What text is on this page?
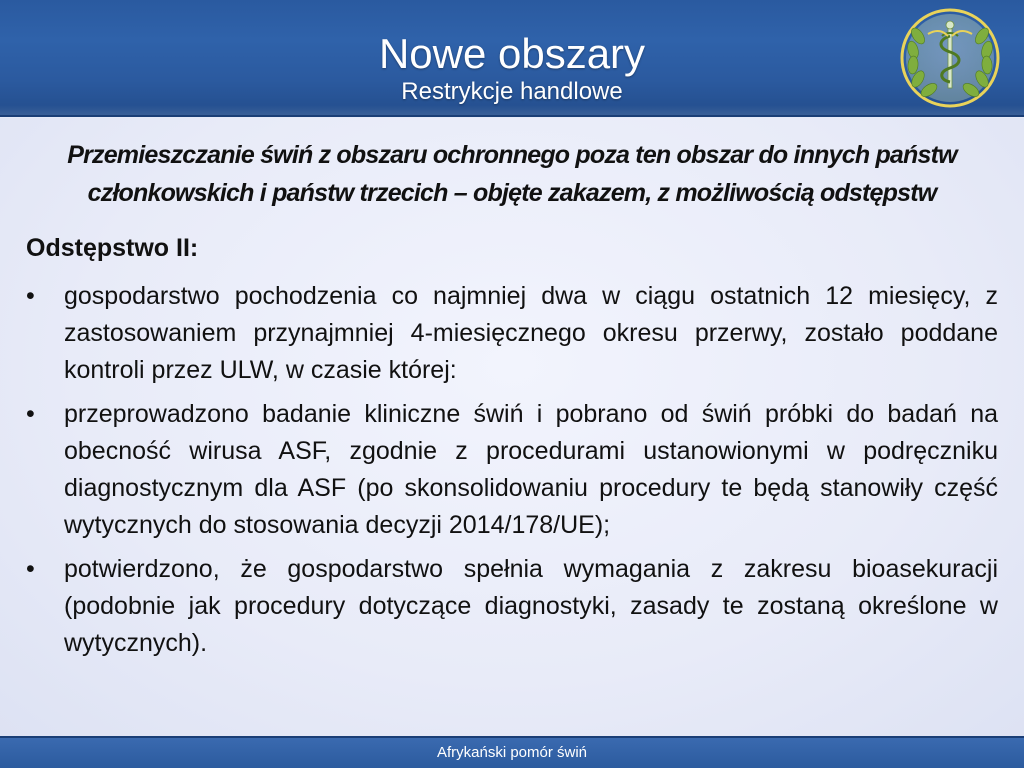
Nowe obszary
Restrykcje handlowe
Przemieszczanie świń z obszaru ochronnego poza ten obszar do innych państw członkowskich i państw trzecich – objęte zakazem, z możliwością odstępstw
Odstępstwo II:
•	gospodarstwo pochodzenia co najmniej dwa w ciągu ostatnich 12 miesięcy, z zastosowaniem przynajmniej 4-miesięcznego okresu przerwy, zostało poddane kontroli przez ULW, w czasie której:
•	przeprowadzono badanie kliniczne świń i pobrano od świń próbki do badań na obecność wirusa ASF, zgodnie z procedurami ustanowionymi w podręczniku diagnostycznym dla ASF (po skonsolidowaniu procedury te będą stanowiły część wytycznych do stosowania decyzji 2014/178/UE);
•	potwierdzono, że gospodarstwo spełnia wymagania z zakresu bioasekuracji (podobnie jak procedury dotyczące diagnostyki, zasady te zostaną określone w wytycznych).
Afrykański pomór świń
